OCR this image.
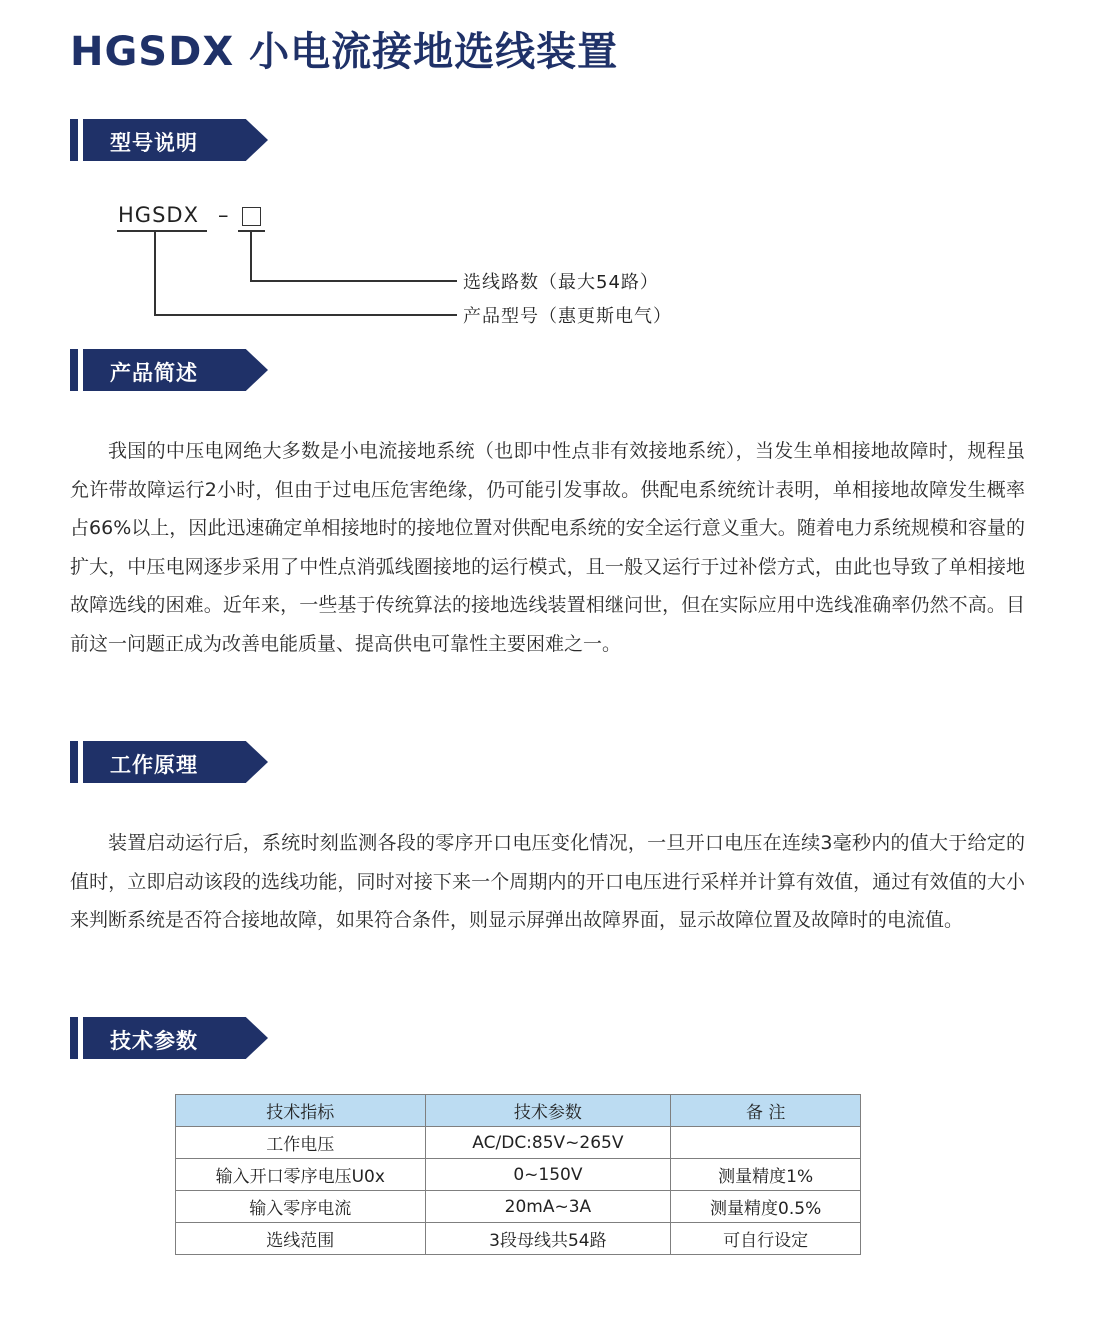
HGSDX 小电流接地选线装置
型号说明
HGSDX –
选线路数（最大54路）
产品型号（惠更斯电气）
产品简述

我国的中压电网绝大多数是小电流接地系统（也即中性点非有效接地系统），当发生单相接地故障时，规程虽允许带故障运行2小时，但由于过电压危害绝缘，仍可能引发事故。供配电系统统计表明，单相接地故障发生概率占66%以上，因此迅速确定单相接地时的接地位置对供配电系统的安全运行意义重大。随着电力系统规模和容量的扩大，中压电网逐步采用了中性点消弧线圈接地的运行模式，且一般又运行于过补偿方式，由此也导致了单相接地故障选线的困难。近年来，一些基于传统算法的接地选线装置相继问世，但在实际应用中选线准确率仍然不高。目前这一问题正成为改善电能质量、提高供电可靠性主要困难之一。

工作原理

装置启动运行后，系统时刻监测各段的零序开口电压变化情况，一旦开口电压在连续3毫秒内的值大于给定的值时，立即启动该段的选线功能，同时对接下来一个周期内的开口电压进行采样并计算有效值，通过有效值的大小来判断系统是否符合接地故障，如果符合条件，则显示屏弹出故障界面，显示故障位置及故障时的电流值。

技术参数
技术指标	技术参数	备 注
工作电压	AC/DC:85V~265V	
输入开口零序电压U0x	0~150V	测量精度1%
输入零序电流	20mA~3A	测量精度0.5%
选线范围	3段母线共54路	可自行设定
